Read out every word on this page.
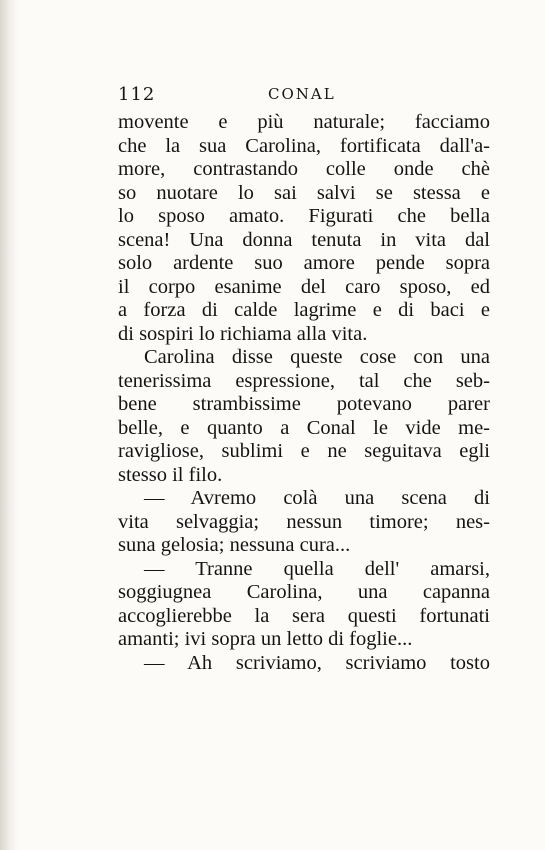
112	CONAL
movente e più naturale; facciamo
che la sua Carolina, fortificata dall'a-
more, contrastando colle onde chè
so nuotare lo sai salvi se stessa e
lo sposo amato. Figurati che bella
scena! Una donna tenuta in vita dal
solo ardente suo amore pende sopra
il corpo esanime del caro sposo, ed
a forza di calde lagrime e di baci e
di sospiri lo richiama alla vita.
Carolina disse queste cose con una
tenerissima espressione, tal che seb-
bene strambissime potevano parer
belle, e quanto a Conal le vide me-
ravigliose, sublimi e ne seguitava egli
stesso il filo.
— Avremo colà una scena di
vita selvaggia; nessun timore; nes-
suna gelosia; nessuna cura...
— Tranne quella dell' amarsi,
soggiugnea Carolina, una capanna
accoglierebbe la sera questi fortunati
amanti; ivi sopra un letto di foglie...
— Ah scriviamo, scriviamo tosto
